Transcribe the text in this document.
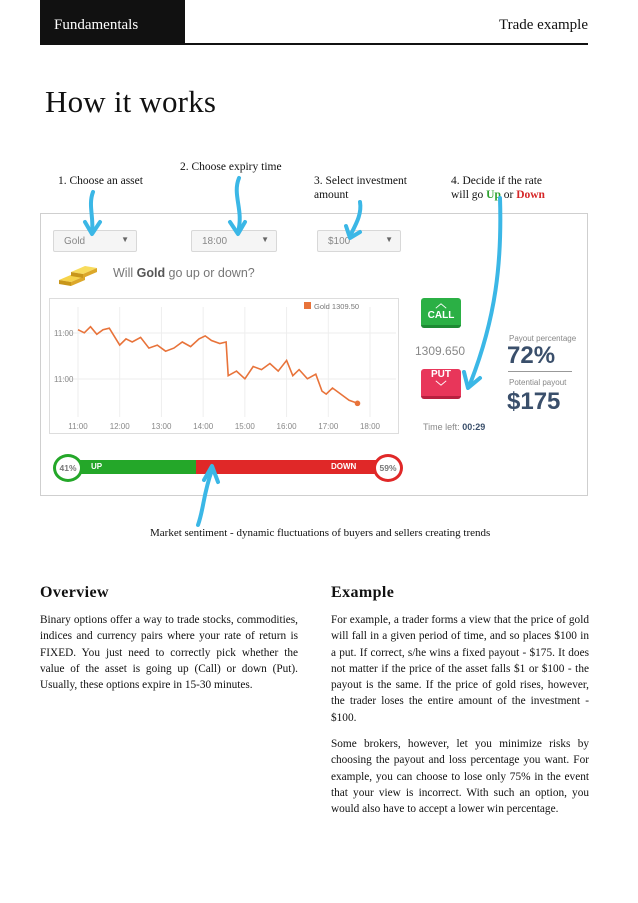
Fundamentals	Trade example
How it works
1. Choose an asset
2. Choose expiry time
3. Select investment
amount
4. Decide if the rate
will go Up or Down
Gold	▼	18:00	▼	$100	▼
Will Gold go up or down?
11:00	12:00	13:00	14:00	15:00	16:00	17:00	18:00
11:00
11:00
Gold 1309.50	︿
CALL
1309.650
PUT
﹀
Payout percentage
72%
Potential payout
$175
Time left: 00:29
41%	UP	DOWN	59%
Market sentiment - dynamic fluctuations of buyers and sellers creating trends
Overview

Binary options offer a way to trade stocks, commodities, indices and currency pairs where your rate of return is FIXED. You just need to correctly pick whether the value of the asset is going up (Call) or down (Put). Usually, these options expire in 15-30 minutes.

Example

For example, a trader forms a view that the price of gold will fall in a given period of time, and so places $100 in a put. If correct, s/he wins a fixed payout - $175. It does not matter if the price of the asset falls $1 or $100 - the payout is the same. If the price of gold rises, however, the trader loses the entire amount of the investment - $100.

Some brokers, however, let you minimize risks by choosing the payout and loss percentage you want. For example, you can choose to lose only 75% in the event that your view is incorrect. With such an option, you would also have to accept a lower win percentage.
